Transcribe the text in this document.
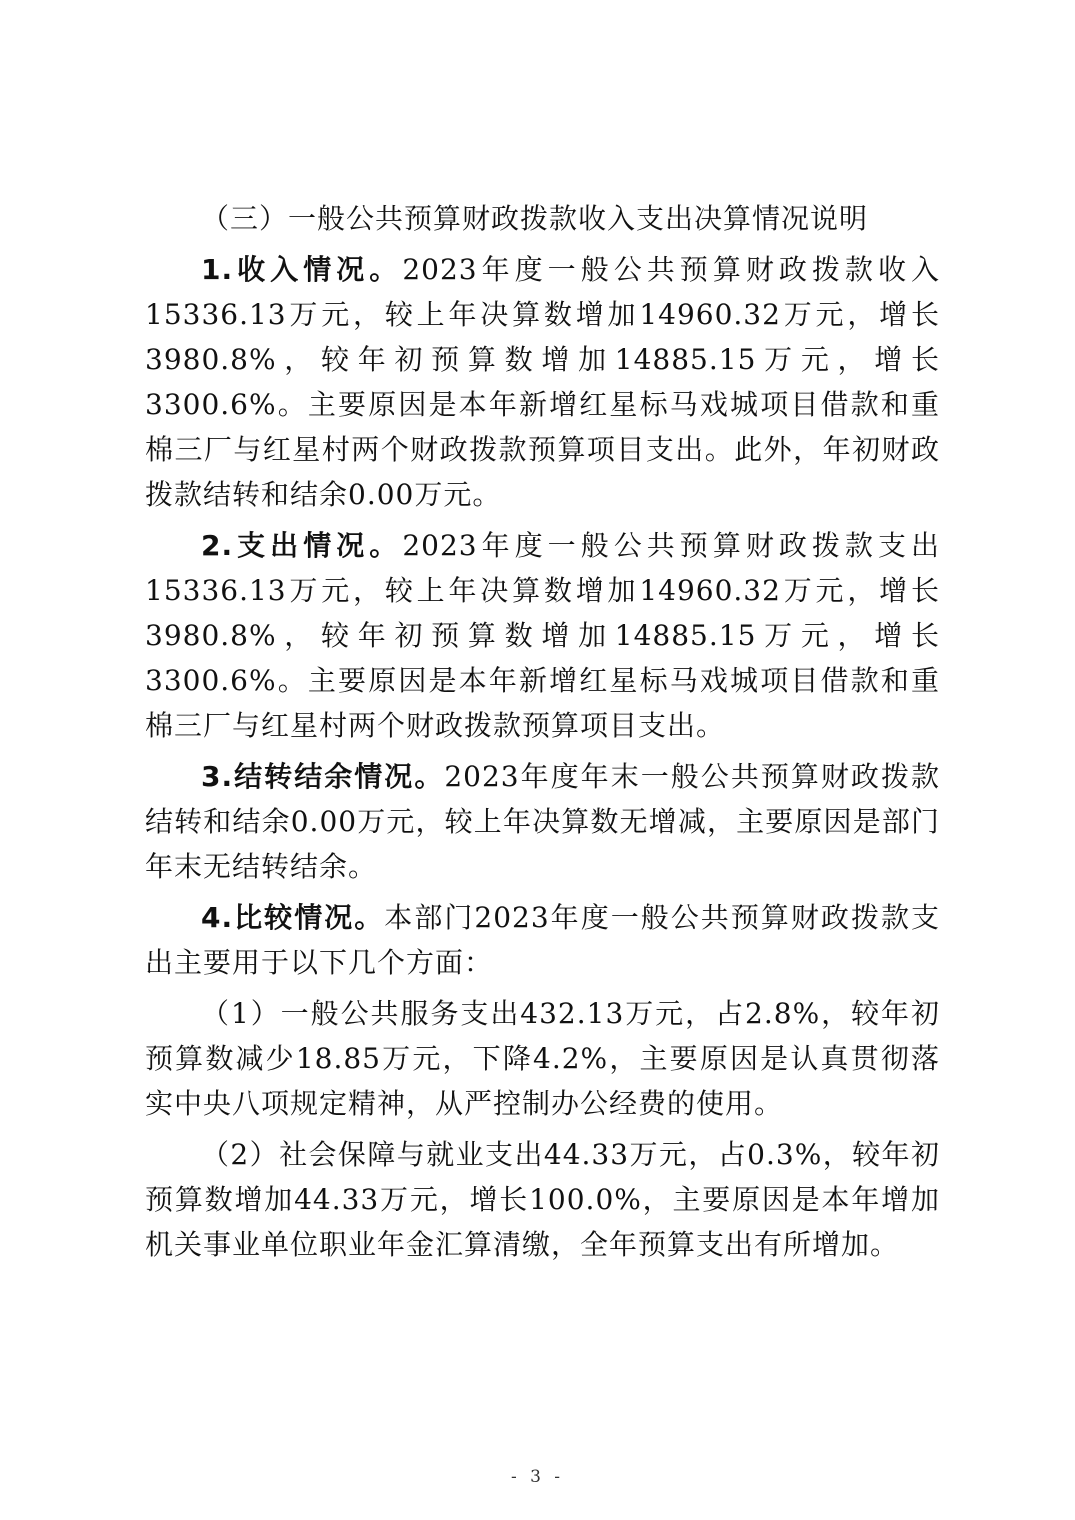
（三）一般公共预算财政拨款收入支出决算情况说明

1.收入情况。2023年度一般公共预算财政拨款收入15336.13万元，较上年决算数增加14960.32万元，增长3980.8%，较年初预算数增加14885.15万元，增长3300.6%。主要原因是本年新增红星标马戏城项目借款和重棉三厂与红星村两个财政拨款预算项目支出。此外，年初财政拨款结转和结余0.00万元。

2.支出情况。2023年度一般公共预算财政拨款支出15336.13万元，较上年决算数增加14960.32万元，增长3980.8%，较年初预算数增加14885.15万元，增长3300.6%。主要原因是本年新增红星标马戏城项目借款和重棉三厂与红星村两个财政拨款预算项目支出。

3.结转结余情况。2023年度年末一般公共预算财政拨款结转和结余0.00万元，较上年决算数无增减，主要原因是部门年末无结转结余。

4.比较情况。本部门2023年度一般公共预算财政拨款支出主要用于以下几个方面：

（1）一般公共服务支出432.13万元，占2.8%，较年初预算数减少18.85万元，下降4.2%，主要原因是认真贯彻落实中央八项规定精神，从严控制办公经费的使用。

（2）社会保障与就业支出44.33万元，占0.3%，较年初预算数增加44.33万元，增长100.0%，主要原因是本年增加机关事业单位职业年金汇算清缴，全年预算支出有所增加。

- 3 -
